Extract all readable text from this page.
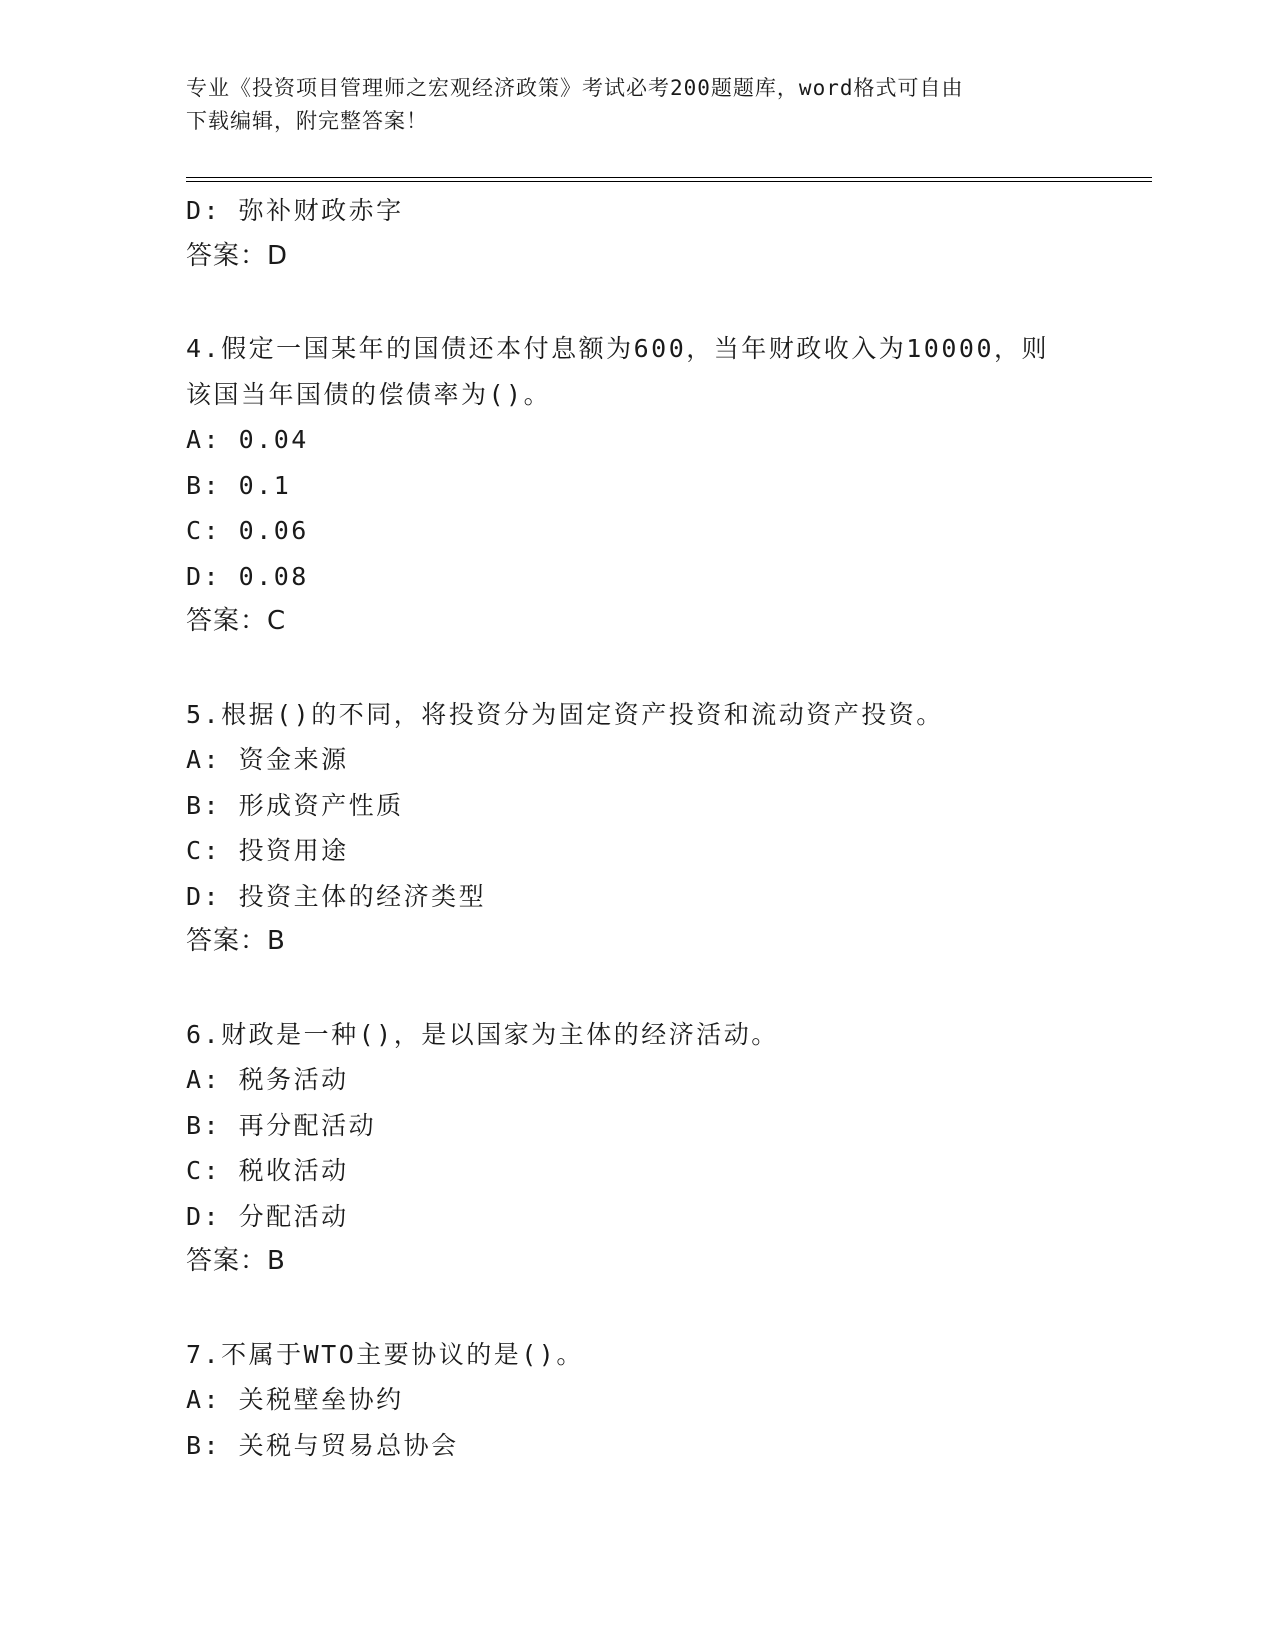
专业《投资项目管理师之宏观经济政策》考试必考200题题库，word格式可自由
下载编辑，附完整答案！
D: 弥补财政赤字
答案：D
4.假定一国某年的国债还本付息额为600，当年财政收入为10000，则
该国当年国债的偿债率为()。
A: 0.04
B: 0.1
C: 0.06
D: 0.08
答案：C
5.根据()的不同，将投资分为固定资产投资和流动资产投资。
A: 资金来源
B: 形成资产性质
C: 投资用途
D: 投资主体的经济类型
答案：B
6.财政是一种()，是以国家为主体的经济活动。
A: 税务活动
B: 再分配活动
C: 税收活动
D: 分配活动
答案：B
7.不属于WTO主要协议的是()。
A: 关税壁垒协约
B: 关税与贸易总协会
